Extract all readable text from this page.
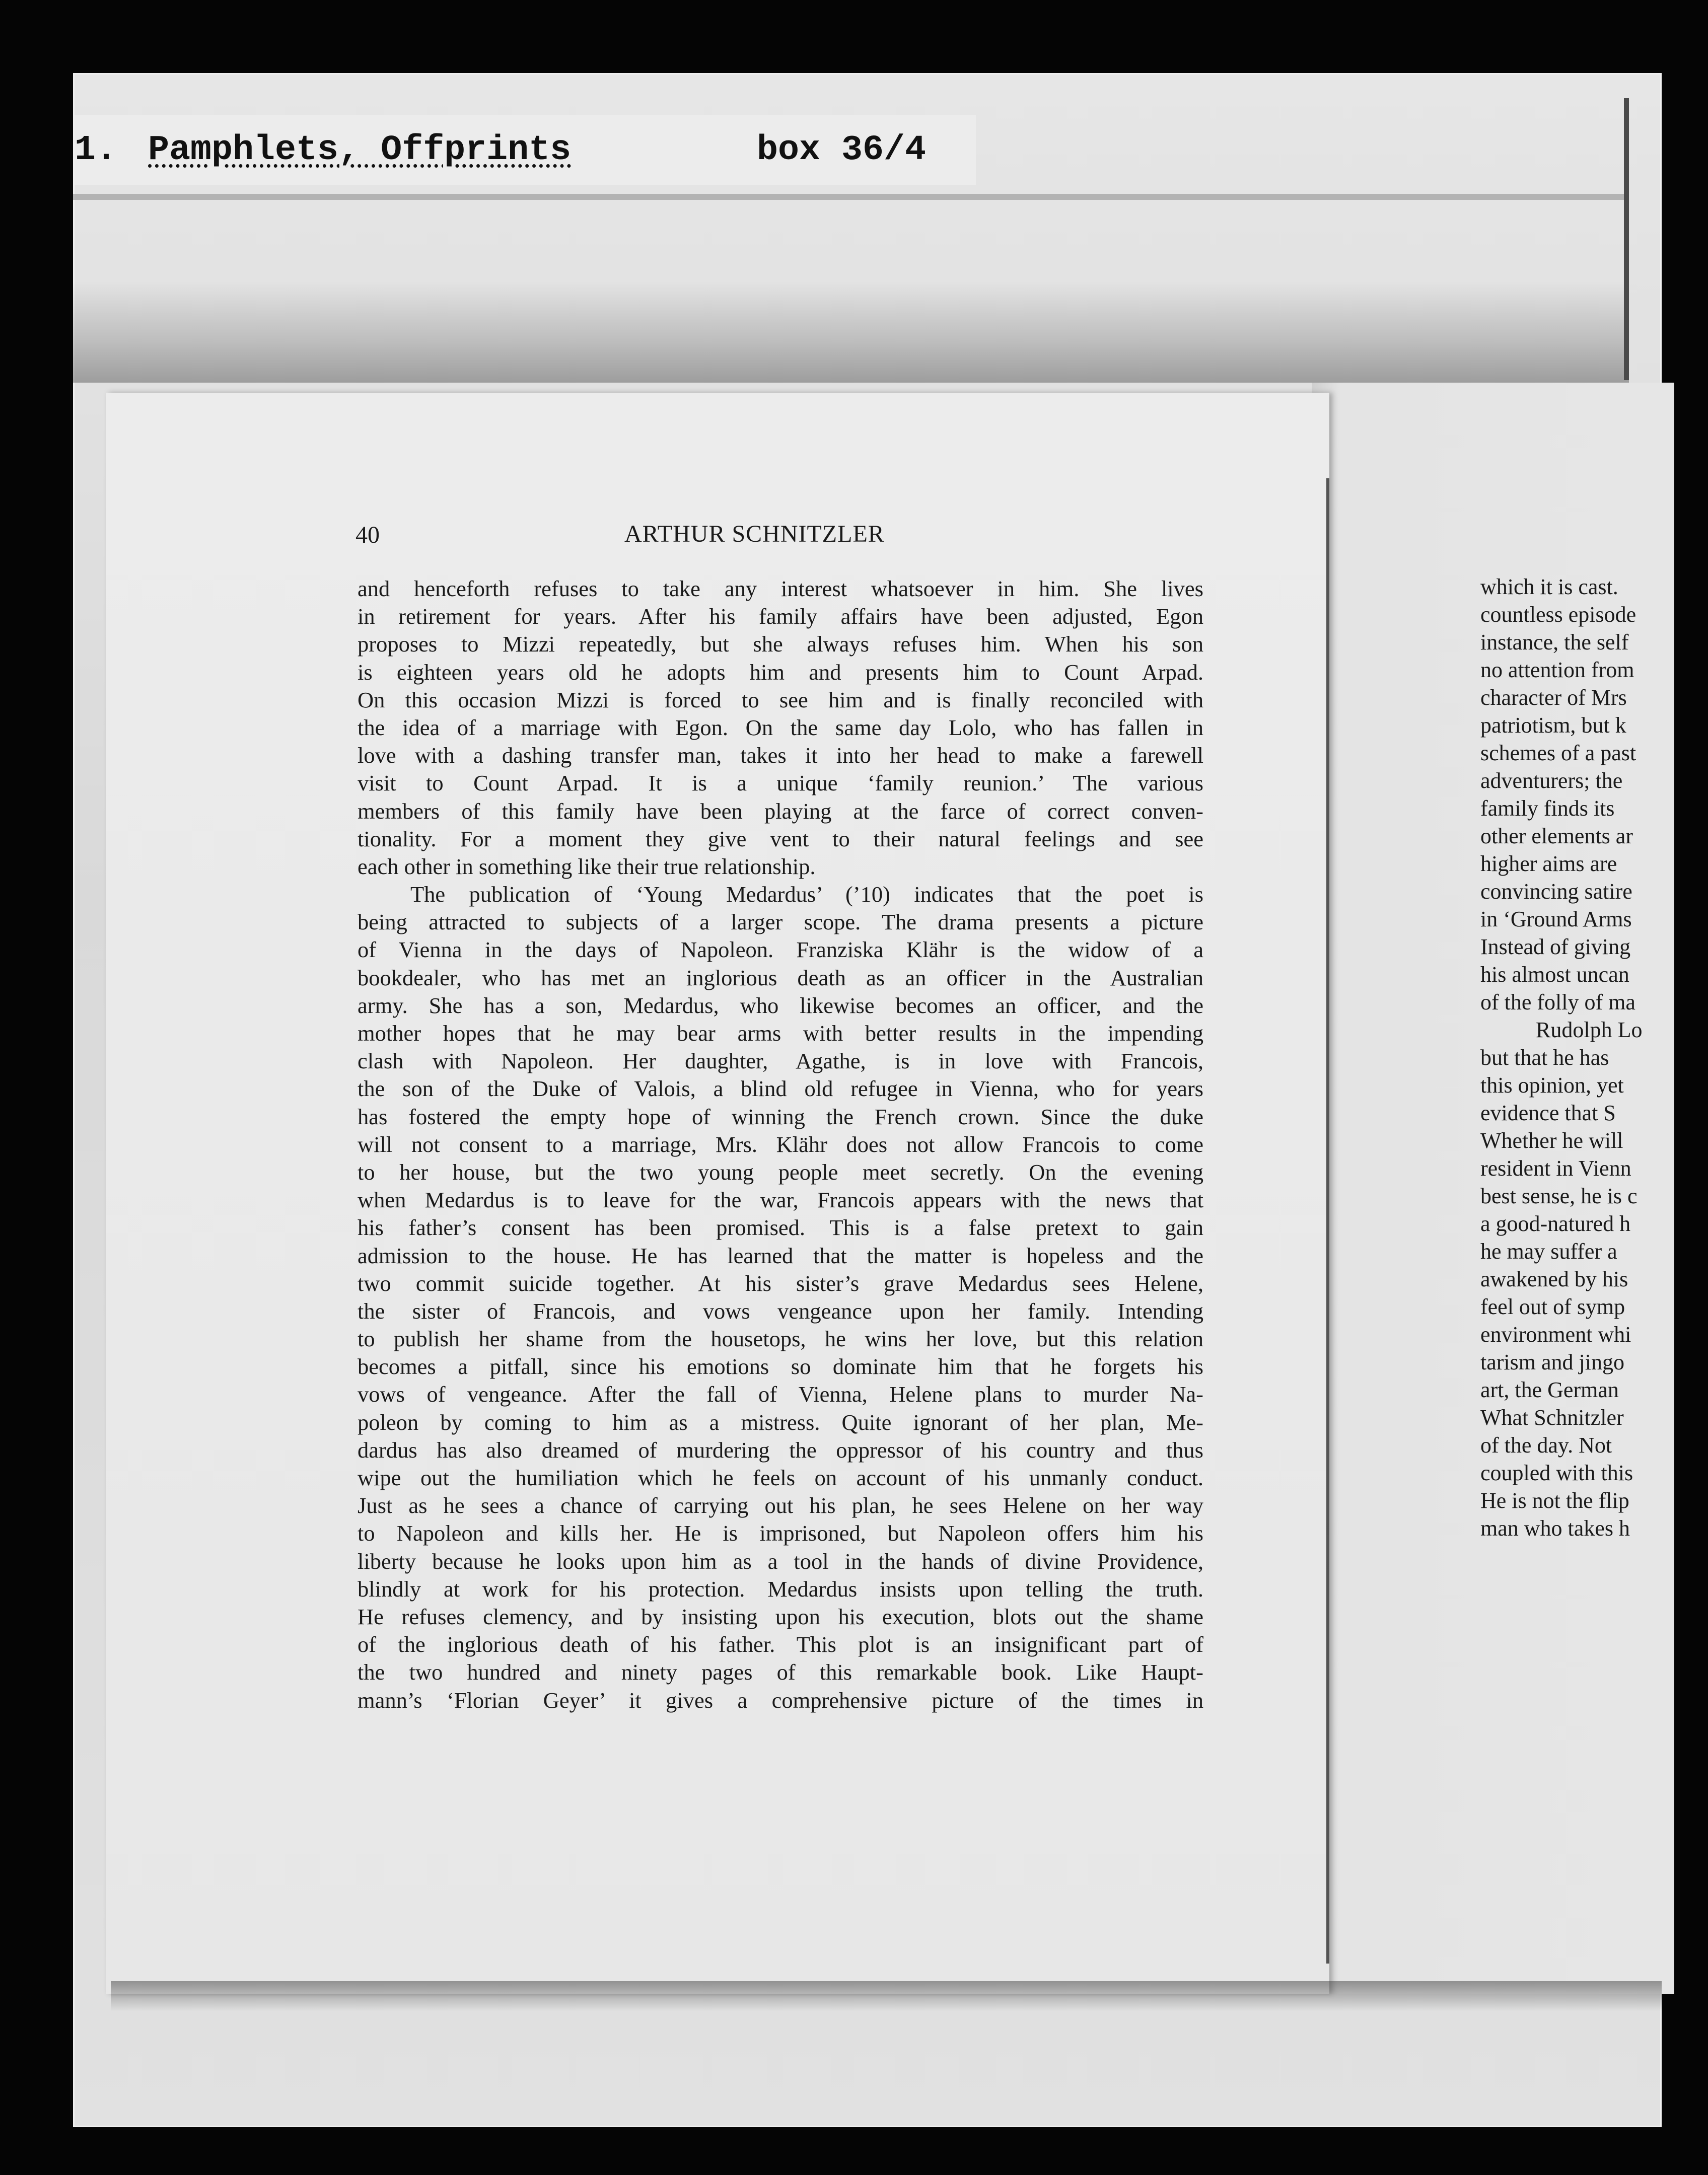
1. Pamphlets, Offprints	box 36/4
which it is cast.
countless episode
instance, the self
no attention from
character of Mrs
patriotism, but k
schemes of a past
adventurers; the
family finds its
other elements ar
higher aims are
convincing satire
in ‘Ground Arms
Instead of giving
his almost uncan
of the folly of ma
Rudolph Lo
but that he has
this opinion, yet
evidence that S
Whether he will
resident in Vienn
best sense, he is c
a good-natured h
he may suffer a
awakened by his
feel out of symp
environment whi
tarism and jingo
art, the German
What Schnitzler
of the day. Not
coupled with this
He is not the flip
man who takes h
40	ARTHUR SCHNITZLER
and henceforth refuses to take any interest whatsoever in him. She lives
in retirement for years. After his family affairs have been adjusted, Egon
proposes to Mizzi repeatedly, but she always refuses him. When his son
is eighteen years old he adopts him and presents him to Count Arpad.
On this occasion Mizzi is forced to see him and is finally reconciled with
the idea of a marriage with Egon. On the same day Lolo, who has fallen in
love with a dashing transfer man, takes it into her head to make a farewell
visit to Count Arpad. It is a unique ‘family reunion.’ The various
members of this family have been playing at the farce of correct conven-
tionality. For a moment they give vent to their natural feelings and see
each other in something like their true relationship.
The publication of ‘Young Medardus’ (’10) indicates that the poet is
being attracted to subjects of a larger scope. The drama presents a picture
of Vienna in the days of Napoleon. Franziska Klähr is the widow of a
bookdealer, who has met an inglorious death as an officer in the Australian
army. She has a son, Medardus, who likewise becomes an officer, and the
mother hopes that he may bear arms with better results in the impending
clash with Napoleon. Her daughter, Agathe, is in love with Francois,
the son of the Duke of Valois, a blind old refugee in Vienna, who for years
has fostered the empty hope of winning the French crown. Since the duke
will not consent to a marriage, Mrs. Klähr does not allow Francois to come
to her house, but the two young people meet secretly. On the evening
when Medardus is to leave for the war, Francois appears with the news that
his father’s consent has been promised. This is a false pretext to gain
admission to the house. He has learned that the matter is hopeless and the
two commit suicide together. At his sister’s grave Medardus sees Helene,
the sister of Francois, and vows vengeance upon her family. Intending
to publish her shame from the housetops, he wins her love, but this relation
becomes a pitfall, since his emotions so dominate him that he forgets his
vows of vengeance. After the fall of Vienna, Helene plans to murder Na-
poleon by coming to him as a mistress. Quite ignorant of her plan, Me-
dardus has also dreamed of murdering the oppressor of his country and thus
wipe out the humiliation which he feels on account of his unmanly conduct.
Just as he sees a chance of carrying out his plan, he sees Helene on her way
to Napoleon and kills her. He is imprisoned, but Napoleon offers him his
liberty because he looks upon him as a tool in the hands of divine Providence,
blindly at work for his protection. Medardus insists upon telling the truth.
He refuses clemency, and by insisting upon his execution, blots out the shame
of the inglorious death of his father. This plot is an insignificant part of
the two hundred and ninety pages of this remarkable book. Like Haupt-
mann’s ‘Florian Geyer’ it gives a comprehensive picture of the times in
